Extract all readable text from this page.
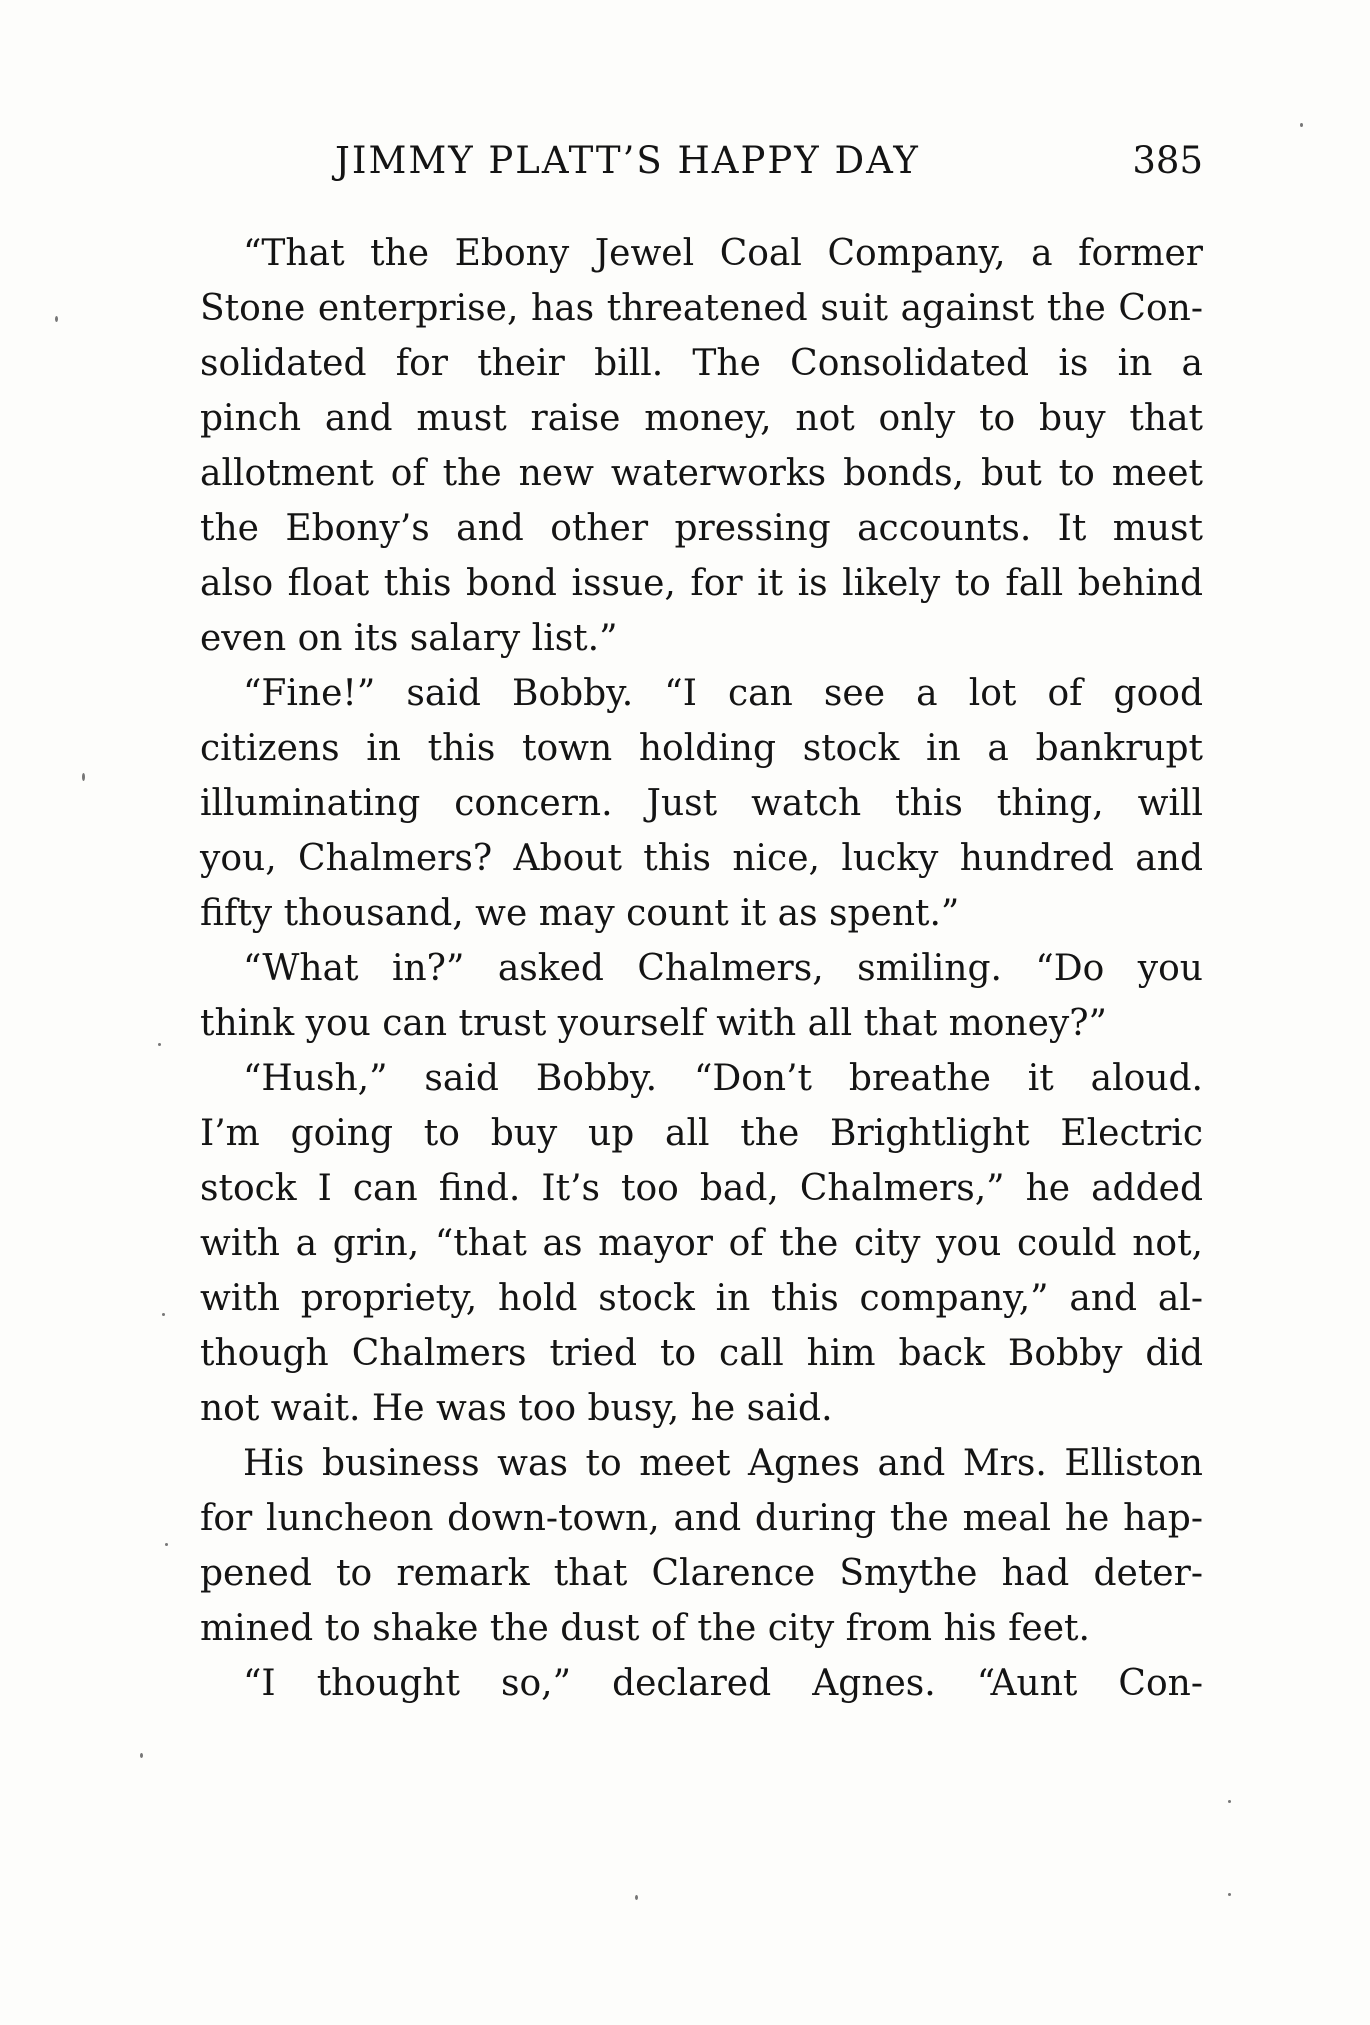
JIMMY PLATT’S HAPPY DAY	385
“That the Ebony Jewel Coal Company, a former
Stone enterprise, has threatened suit against the Con-
solidated for their bill. The Consolidated is in a
pinch and must raise money, not only to buy that
allotment of the new waterworks bonds, but to meet
the Ebony’s and other pressing accounts. It must
also float this bond issue, for it is likely to fall behind
even on its salary list.”
“Fine!” said Bobby. “I can see a lot of good
citizens in this town holding stock in a bankrupt
illuminating concern. Just watch this thing, will
you, Chalmers? About this nice, lucky hundred and
fifty thousand, we may count it as spent.”
“What in?” asked Chalmers, smiling. “Do you
think you can trust yourself with all that money?”
“Hush,” said Bobby. “Don’t breathe it aloud.
I’m going to buy up all the Brightlight Electric
stock I can find. It’s too bad, Chalmers,” he added
with a grin, “that as mayor of the city you could not,
with propriety, hold stock in this company,” and al-
though Chalmers tried to call him back Bobby did
not wait. He was too busy, he said.
His business was to meet Agnes and Mrs. Elliston
for luncheon down-town, and during the meal he hap-
pened to remark that Clarence Smythe had deter-
mined to shake the dust of the city from his feet.
“I thought so,” declared Agnes. “Aunt Con-
